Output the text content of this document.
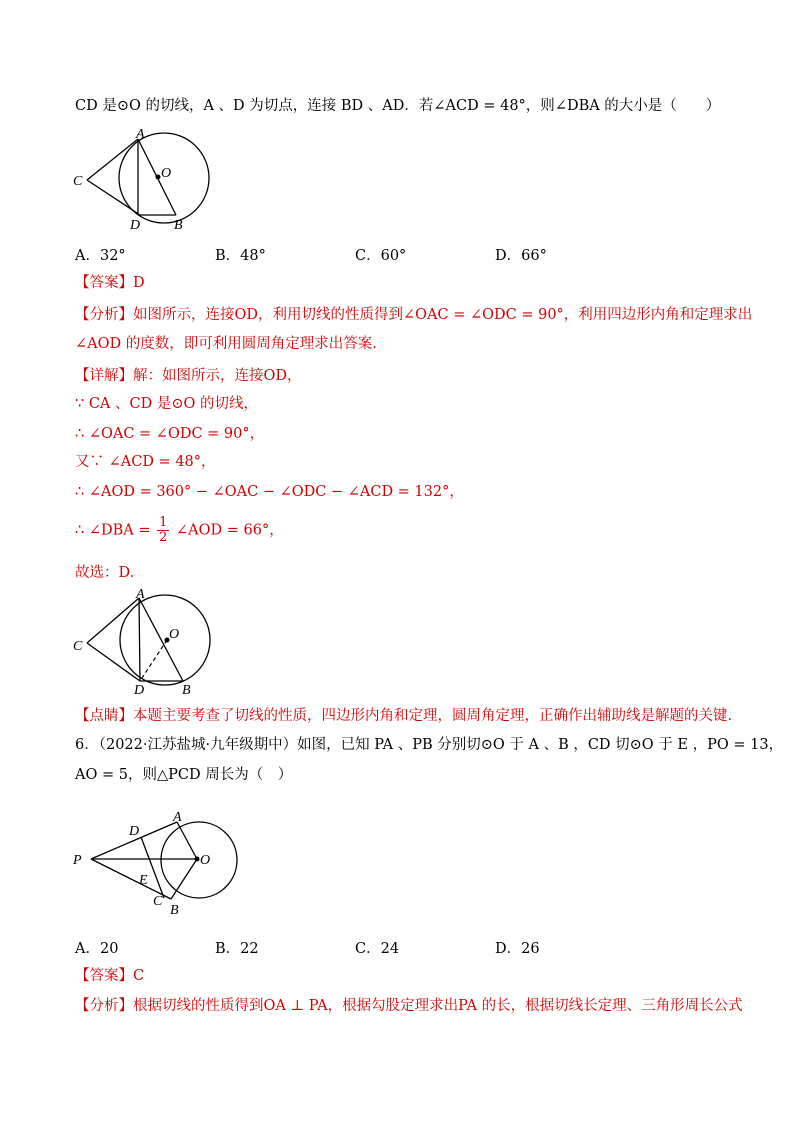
CD 是⊙O 的切线，A 、D 为切点，连接 BD 、AD．若∠ACD = 48°，则∠DBA 的大小是（　　）
A
C
O
D B
A．32°	B．48°	C．60°	D．66°
【答案】D
【分析】如图所示，连接OD，利用切线的性质得到∠OAC = ∠ODC = 90°，利用四边形内角和定理求出
∠AOD 的度数，即可利用圆周角定理求出答案.
【详解】解：如图所示，连接OD，
∵ CA 、CD 是⊙O 的切线，
∴ ∠OAC = ∠ODC = 90°，
又∵ ∠ACD = 48°，
∴ ∠AOD = 360° − ∠OAC − ∠ODC − ∠ACD = 132°，
∴ ∠DBA = $\frac{1}{2}$ ∠AOD = 66°，
故选：D.
A
C
O
D	B
【点睛】本题主要考查了切线的性质，四边形内角和定理，圆周角定理，正确作出辅助线是解题的关键.
6．（2022·江苏盐城·九年级期中）如图，已知 PA 、PB 分别切⊙O 于 A 、B ，CD 切⊙O 于 E ，PO = 13，
AO = 5，则△PCD 周长为（　）
A
D
P	O
E
C
B
A．20	B．22	C．24	D．26
【答案】C
【分析】根据切线的性质得到OA ⊥ PA，根据勾股定理求出PA 的长，根据切线长定理、三角形周长公式
